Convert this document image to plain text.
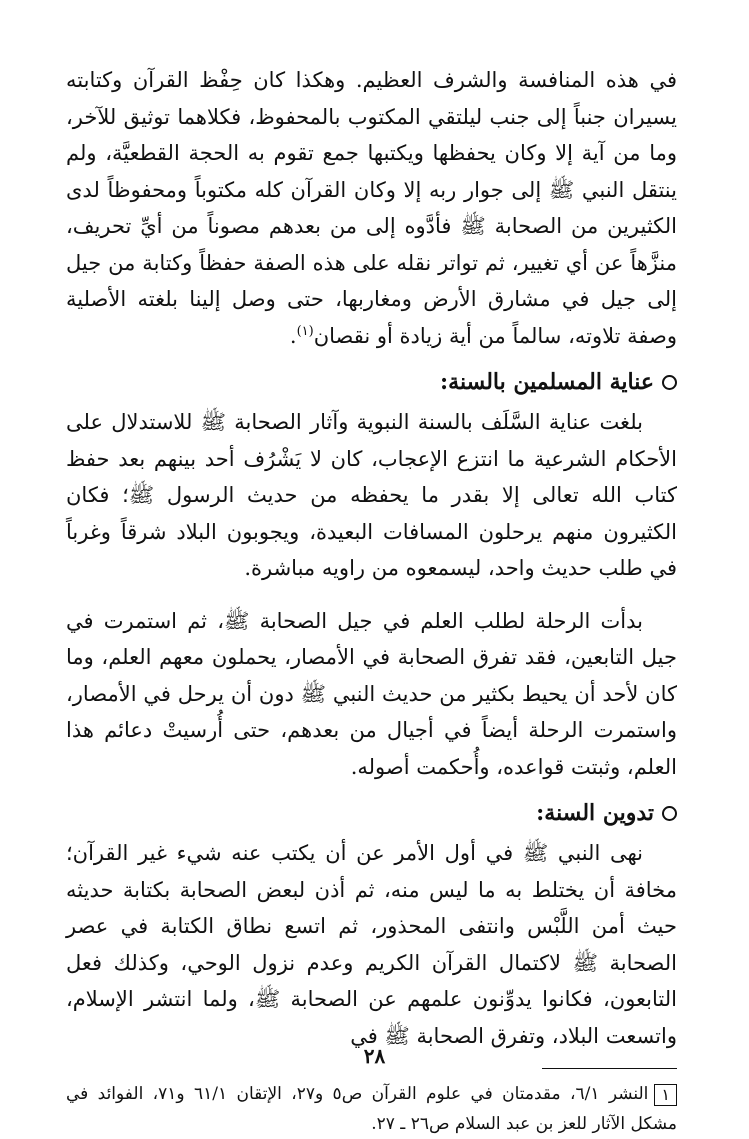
في هذه المنافسة والشرف العظيم. وهكذا كان حِفْظ القرآن وكتابته يسيران جنباً إلى جنب ليلتقي المكتوب بالمحفوظ، فكلاهما توثيق للآخر، وما من آية إلا وكان يحفظها ويكتبها جمع تقوم به الحجة القطعيَّة، ولم ينتقل النبي ﷺ إلى جوار ربه إلا وكان القرآن كله مكتوباً ومحفوظاً لدى الكثيرين من الصحابة ﷺ فأدَّوه إلى من بعدهم مصوناً من أيِّ تحريف، منزَّهاً عن أي تغيير، ثم تواتر نقله على هذه الصفة حفظاً وكتابة من جيل إلى جيل في مشارق الأرض ومغاربها، حتى وصل إلينا بلغته الأصلية وصفة تلاوته، سالماً من أية زيادة أو نقصان$^{(١)}$.

عناية المسلمين بالسنة:

بلغت عناية السَّلَف بالسنة النبوية وآثار الصحابة ﷺ للاستدلال على الأحكام الشرعية ما انتزع الإعجاب، كان لا يَشْرُف أحد بينهم بعد حفظ كتاب الله تعالى إلا بقدر ما يحفظه من حديث الرسول ﷺ؛ فكان الكثيرون منهم يرحلون المسافات البعيدة، ويجوبون البلاد شرقاً وغرباً في طلب حديث واحد، ليسمعوه من راويه مباشرة.

بدأت الرحلة لطلب العلم في جيل الصحابة ﷺ، ثم استمرت في جيل التابعين، فقد تفرق الصحابة في الأمصار، يحملون معهم العلم، وما كان لأحد أن يحيط بكثير من حديث النبي ﷺ دون أن يرحل في الأمصار، واستمرت الرحلة أيضاً في أجيال من بعدهم، حتى أُرسيتْ دعائم هذا العلم، وثبتت قواعده، وأُحكمت أصوله.

تدوين السنة:

نهى النبي ﷺ في أول الأمر عن أن يكتب عنه شيء غير القرآن؛ مخافة أن يختلط به ما ليس منه، ثم أذن لبعض الصحابة بكتابة حديثه حيث أمن اللَّبْس وانتفى المحذور، ثم اتسع نطاق الكتابة في عصر الصحابة ﷺ لاكتمال القرآن الكريم وعدم نزول الوحي، وكذلك فعل التابعون، فكانوا يدوِّنون علمهم عن الصحابة ﷺ، ولما انتشر الإسلام، واتسعت البلاد، وتفرق الصحابة ﷺ في

١النشر ٦/١، مقدمتان في علوم القرآن ص٥ و٢٧، الإتقان ٦١/١ و٧١، الفوائد في مشكل الآثار للعز بن عبد السلام ص٢٦ ـ ٢٧.
٢٨
